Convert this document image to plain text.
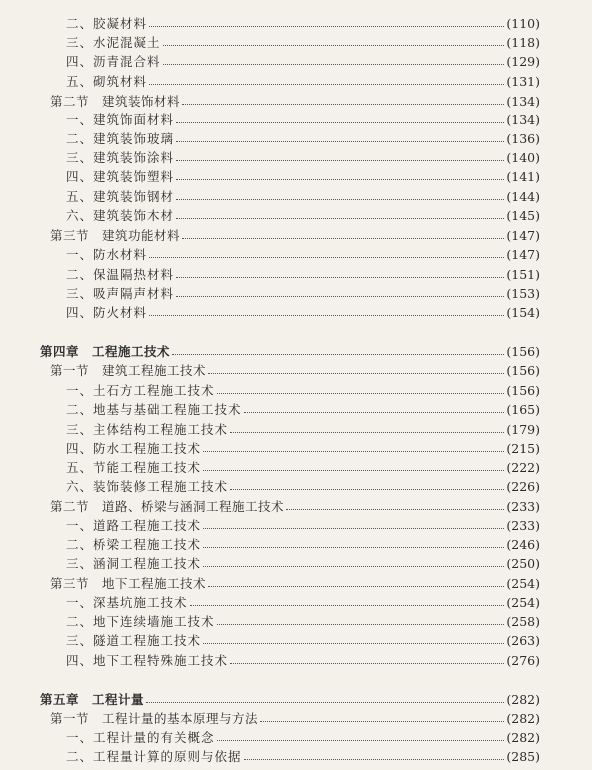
二、胶凝材料	(110)
三、水泥混凝土	(118)
四、沥青混合料	(129)
五、砌筑材料	(131)
第二节　建筑装饰材料	(134)
一、建筑饰面材料	(134)
二、建筑装饰玻璃	(136)
三、建筑装饰涂料	(140)
四、建筑装饰塑料	(141)
五、建筑装饰钢材	(144)
六、建筑装饰木材	(145)
第三节　建筑功能材料	(147)
一、防水材料	(147)
二、保温隔热材料	(151)
三、吸声隔声材料	(153)
四、防火材料	(154)
第四章　工程施工技术	(156)
第一节　建筑工程施工技术	(156)
一、土石方工程施工技术	(156)
二、地基与基础工程施工技术	(165)
三、主体结构工程施工技术	(179)
四、防水工程施工技术	(215)
五、节能工程施工技术	(222)
六、装饰装修工程施工技术	(226)
第二节　道路、桥梁与涵洞工程施工技术	(233)
一、道路工程施工技术	(233)
二、桥梁工程施工技术	(246)
三、涵洞工程施工技术	(250)
第三节　地下工程施工技术	(254)
一、深基坑施工技术	(254)
二、地下连续墙施工技术	(258)
三、隧道工程施工技术	(263)
四、地下工程特殊施工技术	(276)
第五章　工程计量	(282)
第一节　工程计量的基本原理与方法	(282)
一、工程计量的有关概念	(282)
二、工程量计算的原则与依据	(285)
